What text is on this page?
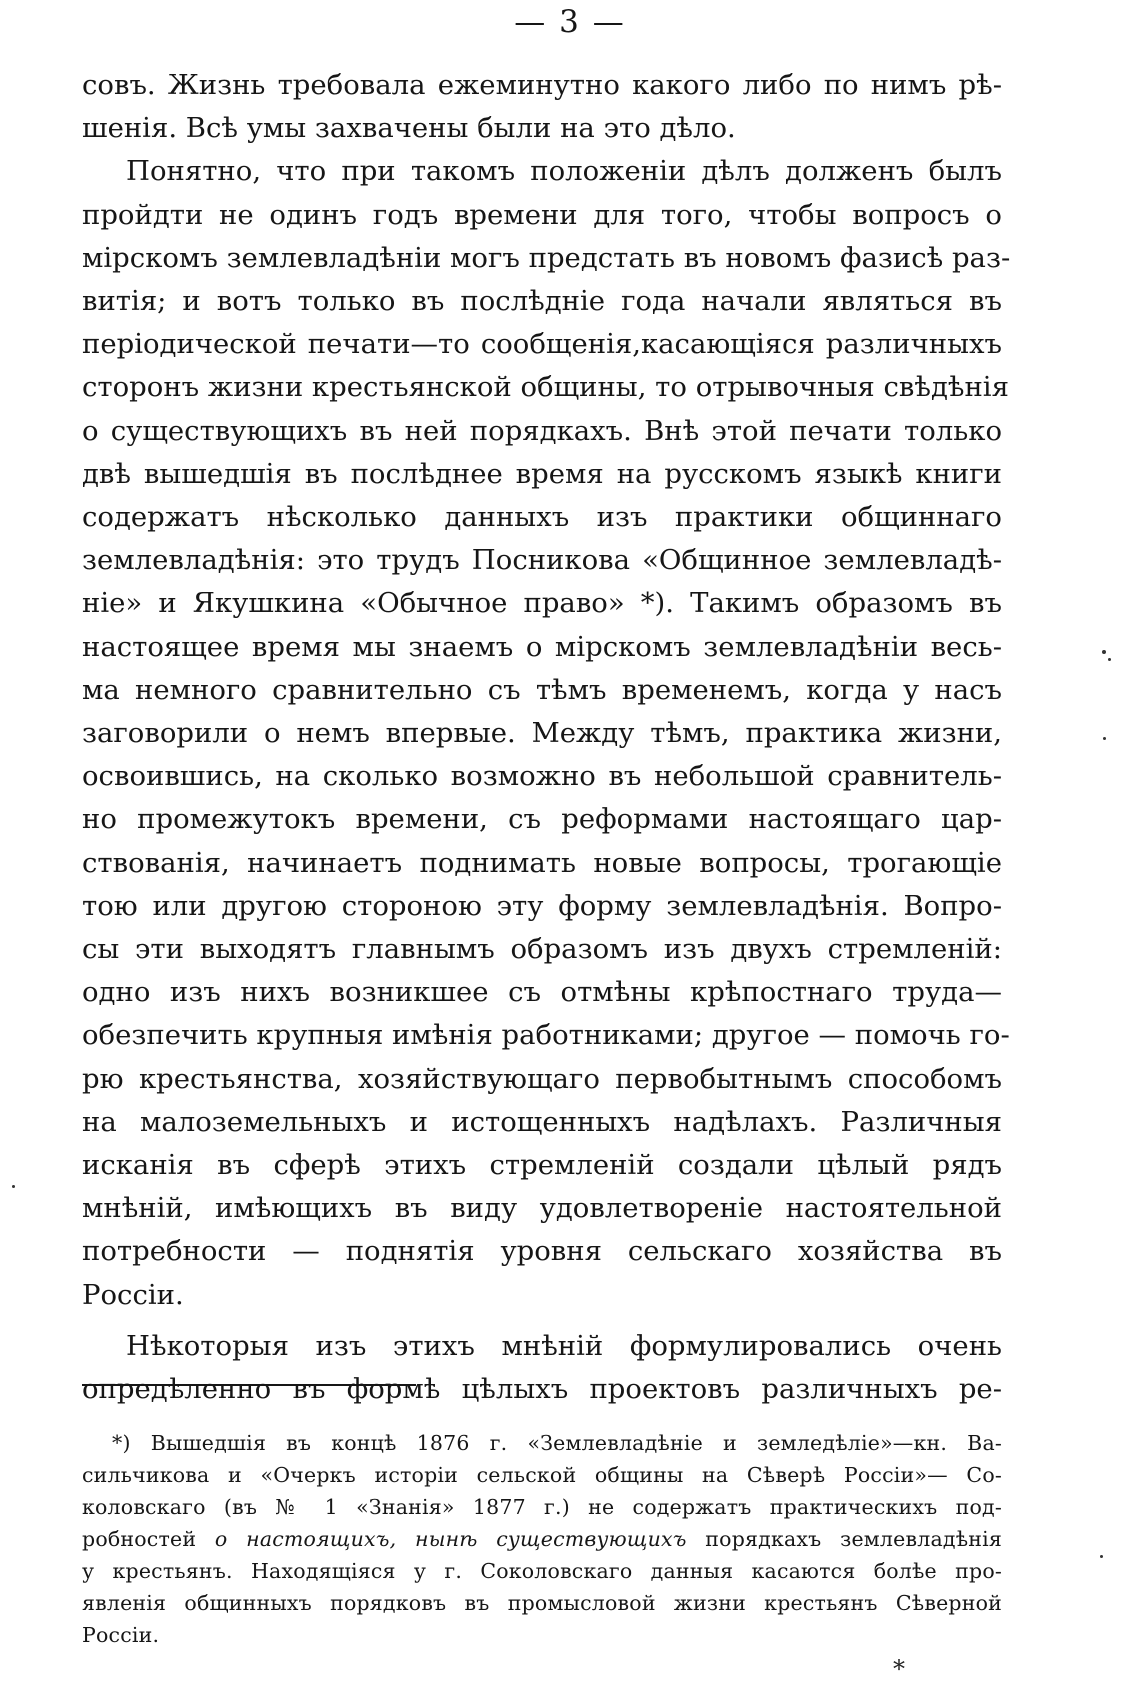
— 3 —

совъ. Жизнь требовала ежеминутно какого либо по нимъ рѣ-
шенія. Всѣ умы захвачены были на это дѣло.

Понятно, что при такомъ положеніи дѣлъ долженъ былъ
пройдти не одинъ годъ времени для того, чтобы вопросъ о
мірскомъ землевладѣніи могъ предстать въ новомъ фазисѣ раз-
витія; и вотъ только въ послѣдніе года начали являться въ
періодической печати—то сообщенія,касающіяся различныхъ
сторонъ жизни крестьянской общины, то отрывочныя свѣдѣнія
о существующихъ въ ней порядкахъ. Внѣ этой печати только
двѣ вышедшія въ послѣднее время на русскомъ языкѣ книги
содержатъ нѣсколько данныхъ изъ практики общиннаго
землевладѣнія: это трудъ Посникова «Общинное землевладѣ-
ніе» и Якушкина «Обычное право» *). Такимъ образомъ въ
настоящее время мы знаемъ о мірскомъ землевладѣніи весь-
ма немного сравнительно съ тѣмъ временемъ, когда у насъ
заговорили о немъ впервые. Между тѣмъ, практика жизни,
освоившись, на сколько возможно въ небольшой сравнитель-
но промежутокъ времени, съ реформами настоящаго цар-
ствованія, начинаетъ поднимать новые вопросы, трогающіе
тою или другою стороною эту форму землевладѣнія. Вопро-
сы эти выходятъ главнымъ образомъ изъ двухъ стремленій:
одно изъ нихъ возникшее съ отмѣны крѣпостнаго труда—
обезпечить крупныя имѣнія работниками; другое — помочь го-
рю крестьянства, хозяйствующаго первобытнымъ способомъ
на малоземельныхъ и истощенныхъ надѣлахъ. Различныя
исканія въ сферѣ этихъ стремленій создали цѣлый рядъ
мнѣній, имѣющихъ въ виду удовлетвореніе настоятельной
потребности — поднятія уровня сельскаго хозяйства въ
Россіи.

Нѣкоторыя изъ этихъ мнѣній формулировались очень
опредѣленно въ формѣ цѣлыхъ проектовъ различныхъ ре-

*) Вышедшія въ концѣ 1876 г. «Землевладѣніе и земледѣліе»—кн. Ва-
сильчикова и «Очеркъ исторіи сельской общины на Сѣверѣ Россіи»— Со-
коловскаго (въ № 1 «Знанія» 1877 г.) не содержатъ практическихъ под-
робностей о настоящихъ, нынѣ существующихъ порядкахъ землевладѣнія
у крестьянъ. Находящіяся у г. Соколовскаго данныя касаются болѣе про-
явленія общинныхъ порядковъ въ промысловой жизни крестьянъ Сѣверной
Россіи.
*
